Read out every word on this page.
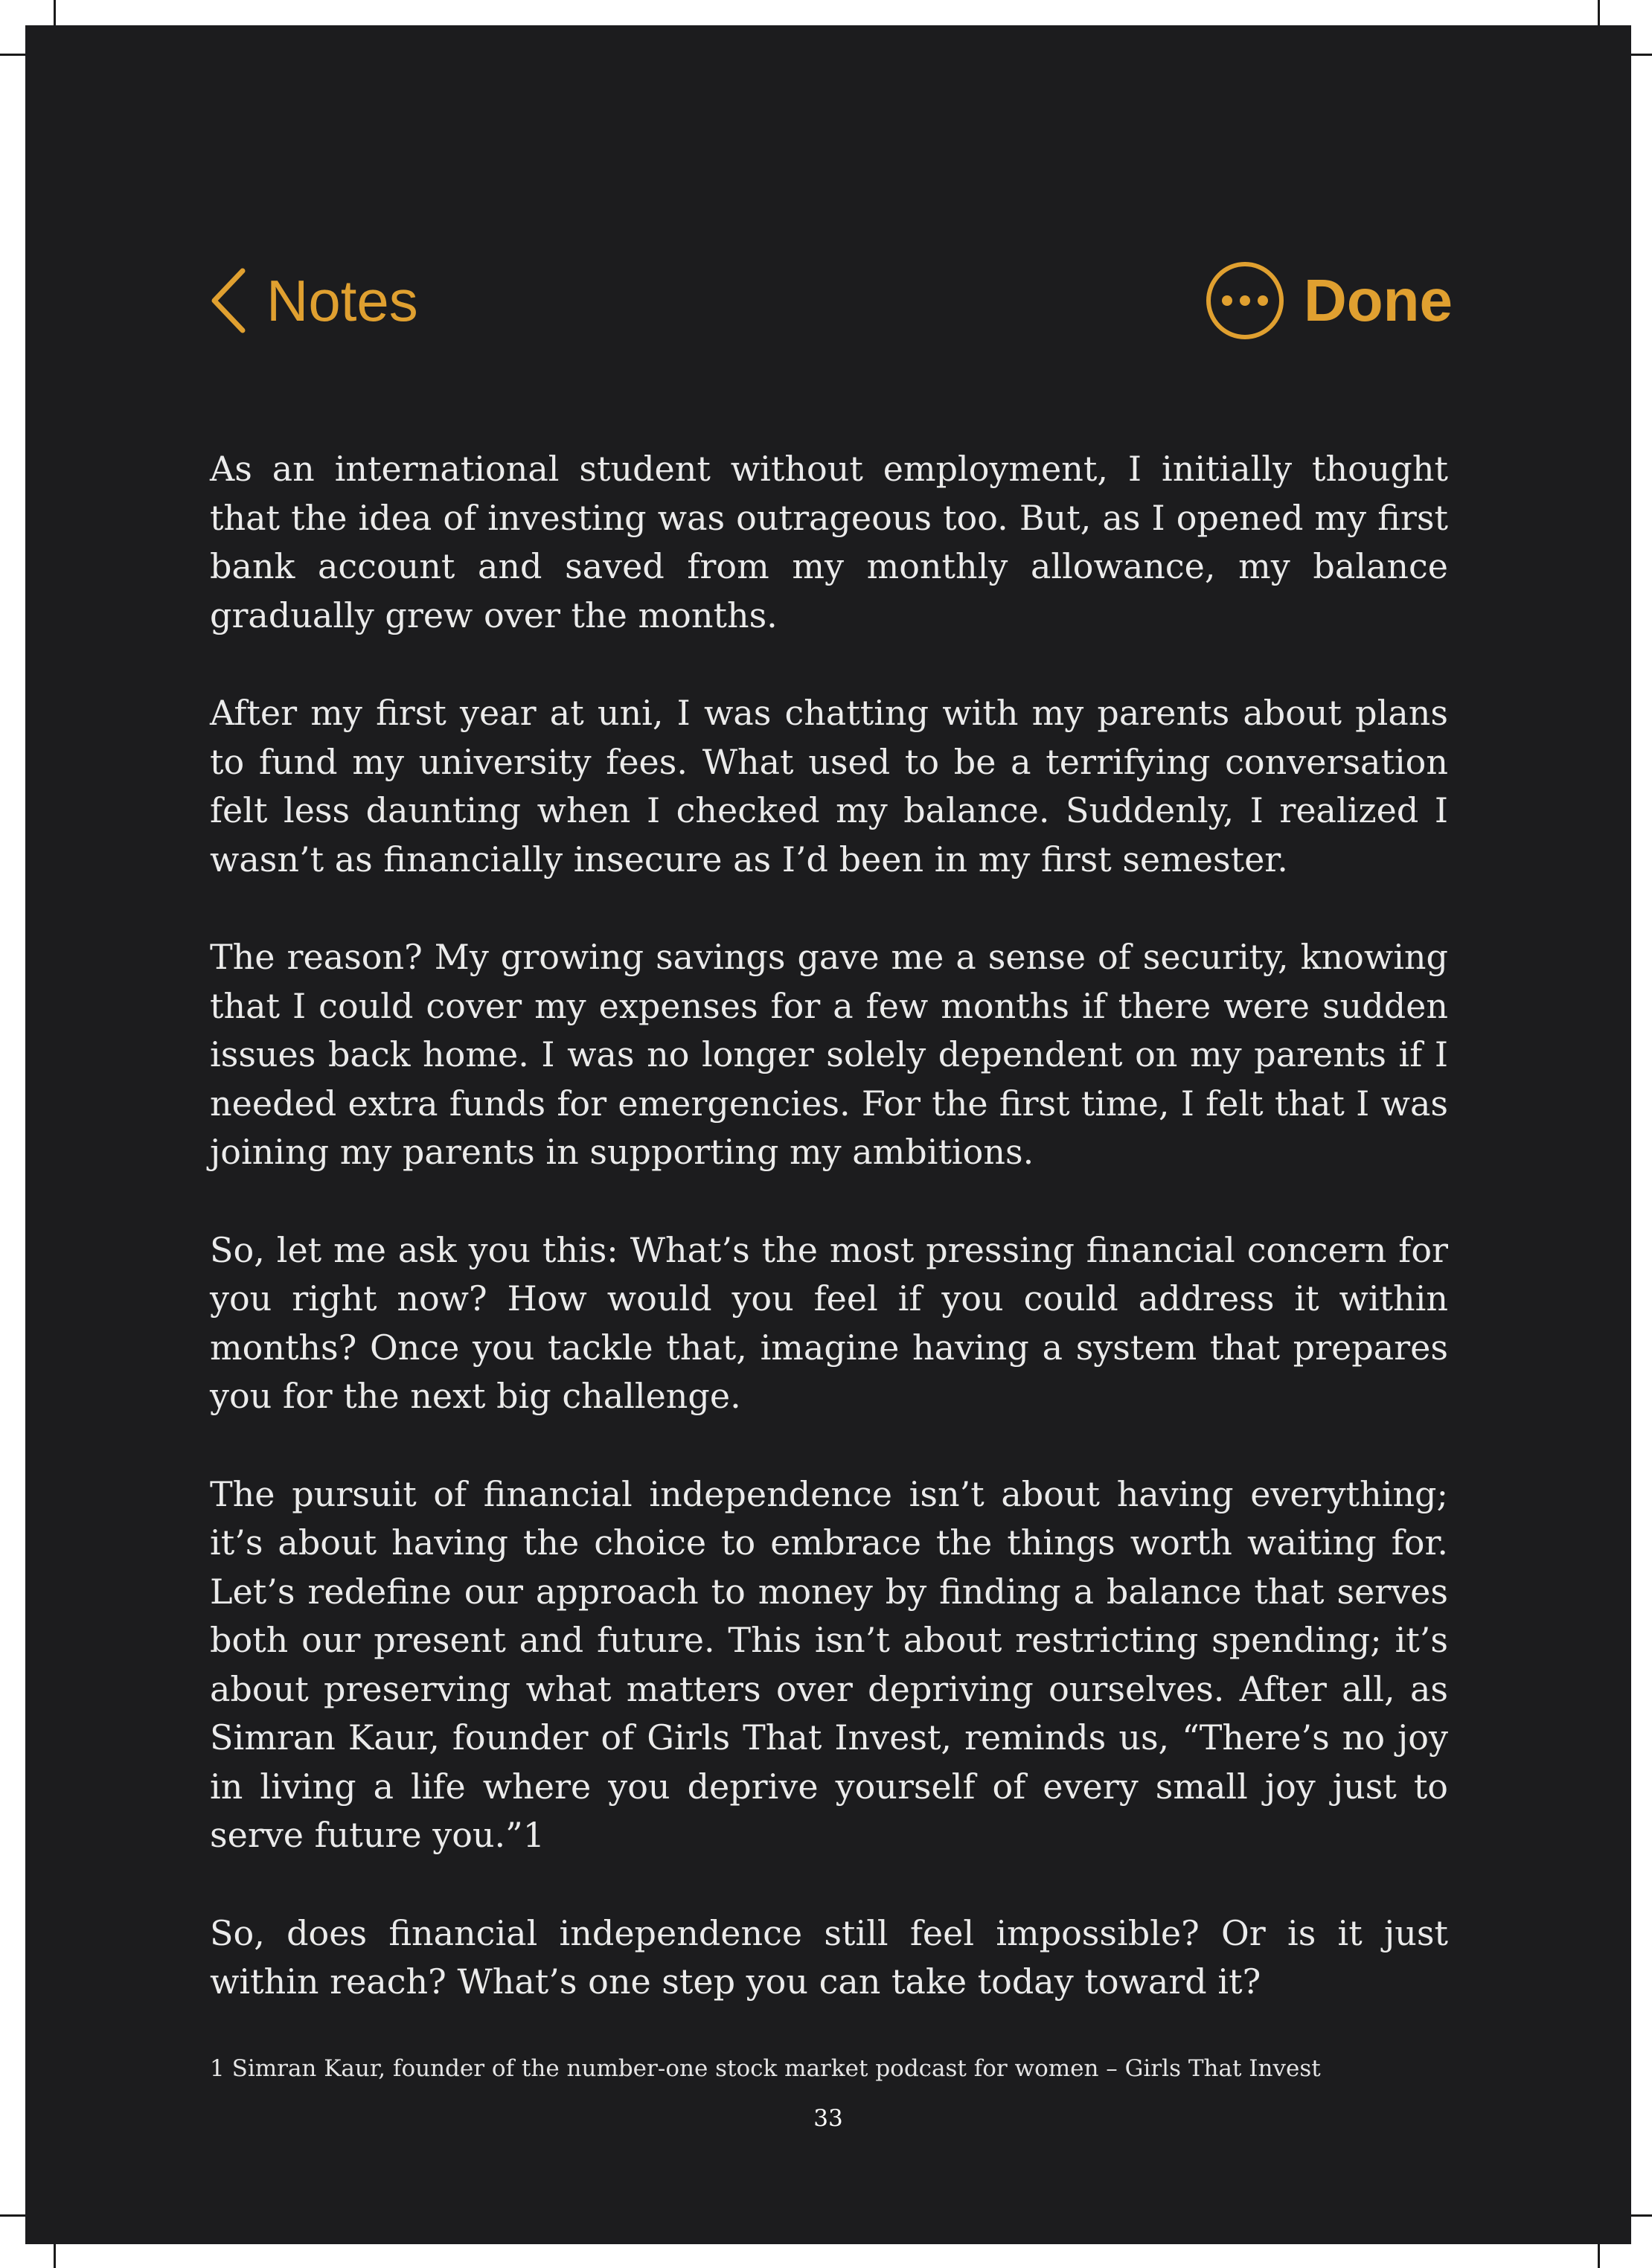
Notes	Done

As an international student without employment, I initially thought that the idea of investing was outrageous too. But, as I opened my first bank account and saved from my monthly allowance, my balance gradually grew over the months.

After my first year at uni, I was chatting with my parents about plans to fund my university fees. What used to be a terrifying conversation felt less daunting when I checked my balance. Suddenly, I realized I wasn’t as financially insecure as I’d been in my first semester.

The reason? My growing savings gave me a sense of security, knowing that I could cover my expenses for a few months if there were sudden issues back home. I was no longer solely dependent on my parents if I needed extra funds for emergencies. For the first time, I felt that I was joining my parents in supporting my ambitions.

So, let me ask you this: What’s the most pressing financial concern for you right now? How would you feel if you could address it within months? Once you tackle that, imagine having a system that prepares you for the next big challenge.

The pursuit of financial independence isn’t about having everything; it’s about having the choice to embrace the things worth waiting for. Let’s redefine our approach to money by finding a balance that serves both our present and future. This isn’t about restricting spending; it’s about preserving what matters over depriving ourselves. After all, as Simran Kaur, founder of Girls That Invest, reminds us, “There’s no joy in living a life where you deprive yourself of every small joy just to serve future you.”1

So, does financial independence still feel impossible? Or is it just within reach? What’s one step you can take today toward it?

1 Simran Kaur, founder of the number-one stock market podcast for women – Girls That Invest
33
